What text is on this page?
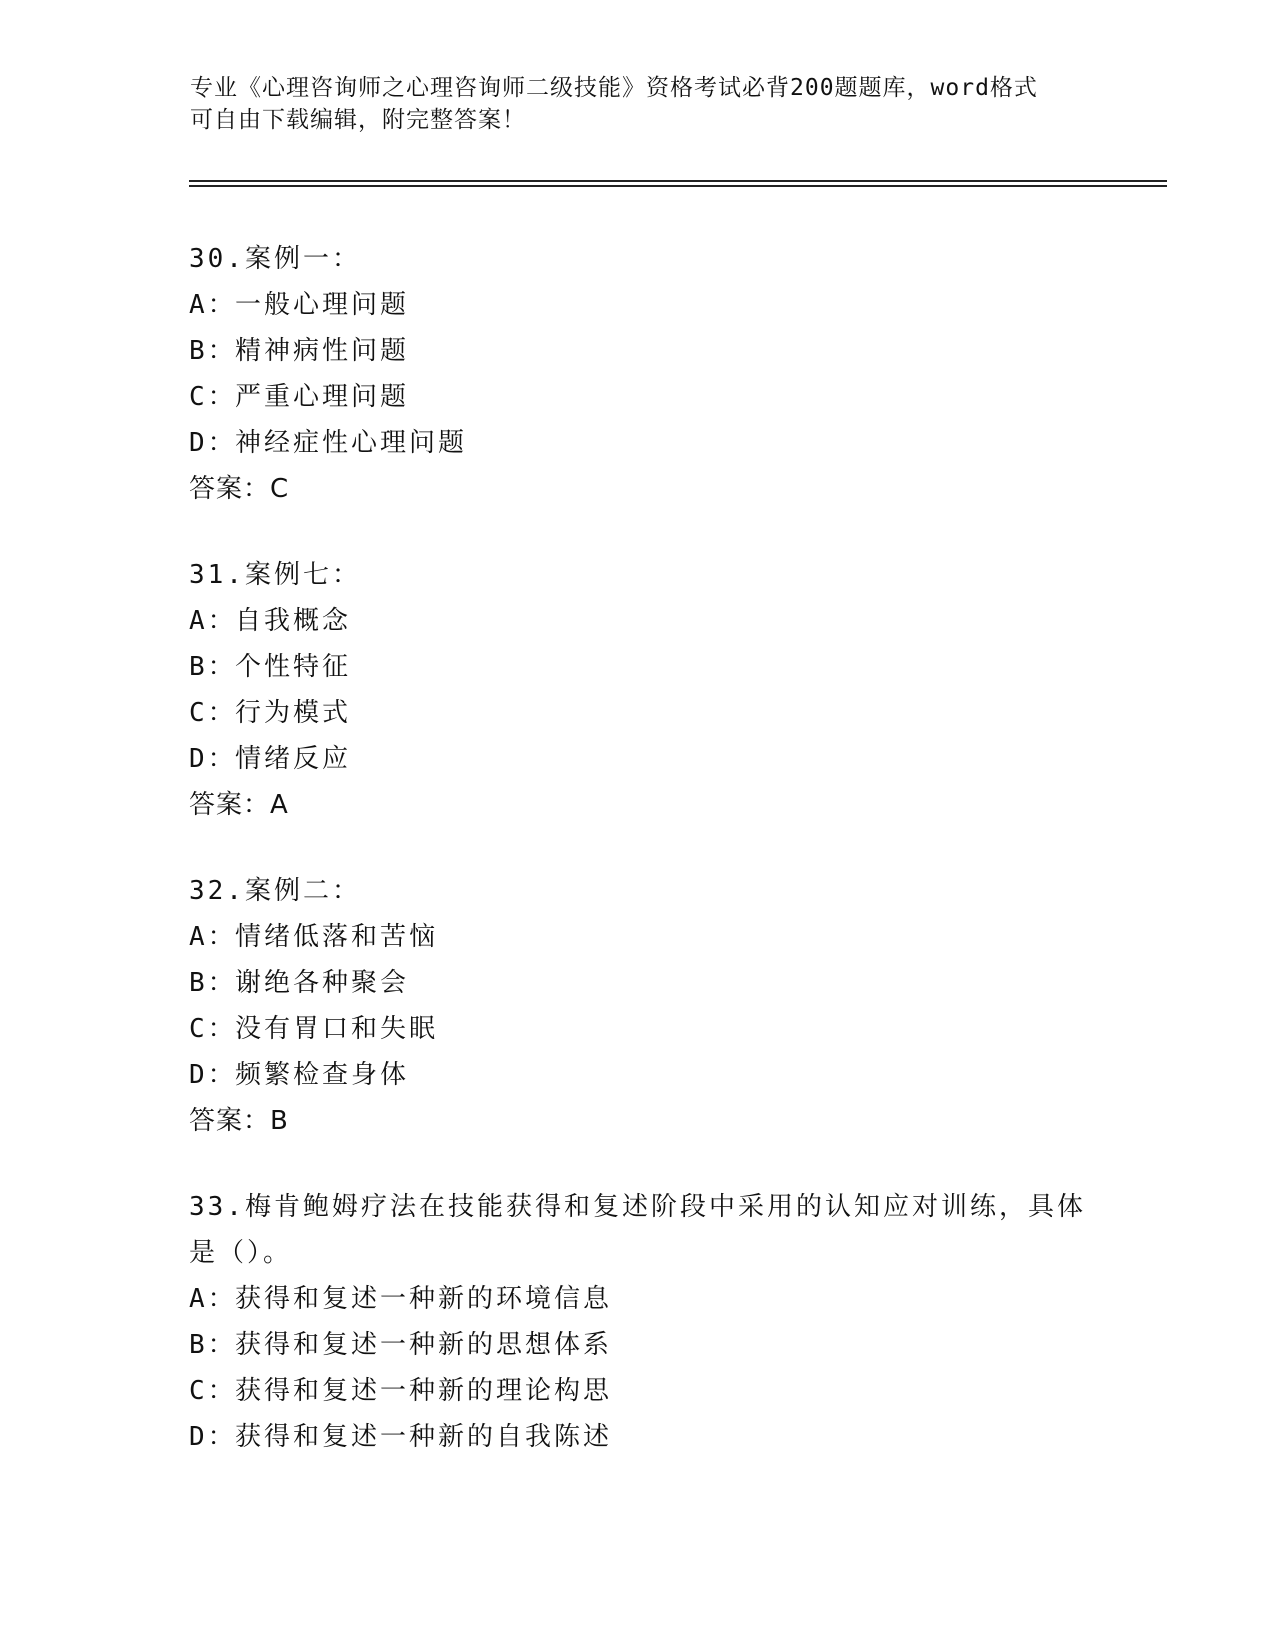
专业《心理咨询师之心理咨询师二级技能》资格考试必背200题题库，word格式
可自由下载编辑，附完整答案！
30.案例一：
A：一般心理问题
B：精神病性问题
C：严重心理问题
D：神经症性心理问题
答案：C
31.案例七：
A：自我概念
B：个性特征
C：行为模式
D：情绪反应
答案：A
32.案例二：
A：情绪低落和苦恼
B：谢绝各种聚会
C：没有胃口和失眠
D：频繁检查身体
答案：B
33.梅肯鲍姆疗法在技能获得和复述阶段中采用的认知应对训练，具体是（）。
A：获得和复述一种新的环境信息
B：获得和复述一种新的思想体系
C：获得和复述一种新的理论构思
D：获得和复述一种新的自我陈述
